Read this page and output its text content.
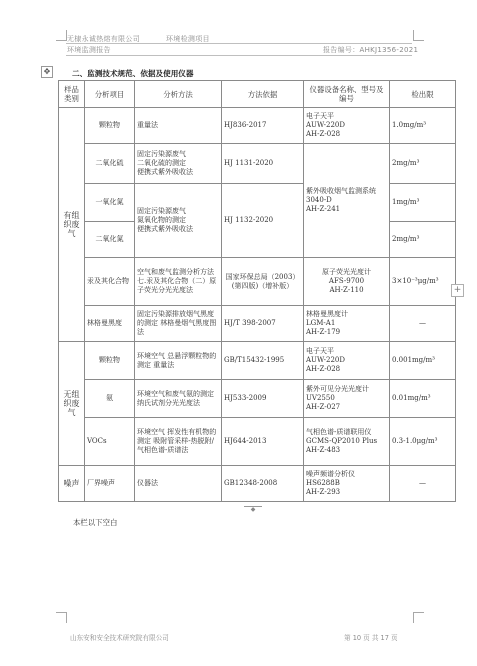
无棣永诚热熔有限公司	环境检测项目
环境监测报告	报告编号：AHKJ1356-2021
✥	二、监测技术规范、依据及使用仪器
样品类别	分析项目	分析方法	方法依据	仪器设备名称、型号及编号	检出限
有组织废气	颗粒物	重量法	HJ836-2017	电子天平
AUW-220D
AH-Z-028	1.0mg/m³
	二氧化硫	固定污染源废气
二氧化硫的测定
便携式紫外吸收法	HJ 1131-2020	紫外吸收烟气监测系统 3040-D
AH-Z-241	2mg/m³
	一氧化氮	固定污染源废气
氮氧化物的测定
便携式紫外吸收法	HJ 1132-2020		1mg/m³
	二氧化氮				2mg/m³
	汞及其化合物	空气和废气监测分析方法 七.汞及其化合物（二）原子荧光分光光度法	国家环保总局（2003）(第四版)（增补版）	原子荧光光度计
AFS-9700
AH-Z-110	3×10⁻³μg/m³
	林格曼黑度	固定污染源排放烟气黑度的测定 林格曼烟气黑度图法	HJ/T 398-2007	林格曼黑度计
LGM-A1
AH-Z-179	—
无组织废气	颗粒物	环境空气 总悬浮颗粒物的测定 重量法	GB/T15432-1995	电子天平
AUW-220D
AH-Z-028	0.001mg/m³
	氨	环境空气和废气氨的测定 纳氏试剂分光光度法	HJ533-2009	紫外可见分光光度计 UV2550
AH-Z-027	0.01mg/m³
	VOCs	环境空气 挥发性有机物的测定 吸附管采样-热脱附/气相色谱-质谱法	HJ644-2013	气相色谱-质谱联用仪
GCMS-QP2010 Plus
AH-Z-483	0.3-1.0μg/m³
噪声	厂界噪声	仪器法	GB12348-2008	噪声频谱分析仪
HS6288B
AH-Z-293	—
+
◆
本栏以下空白
山东安和安全技术研究院有限公司	第 10 页 共 17 页
